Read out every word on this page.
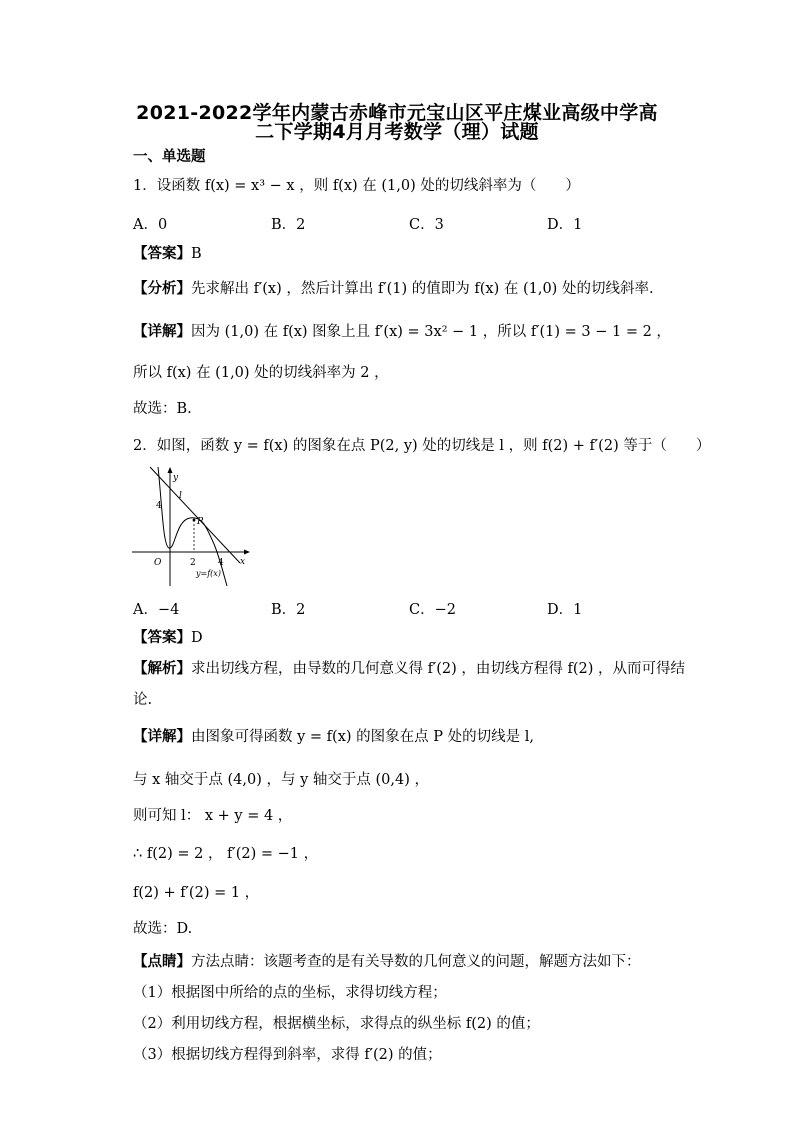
2021-2022学年内蒙古赤峰市元宝山区平庄煤业高级中学高
二下学期4月月考数学（理）试题
一、单选题
1．设函数 f(x) = x³ − x ，则 f(x) 在 (1,0) 处的切线斜率为（　　）
A．0	B．2	C．3	D．1
【答案】B
【分析】先求解出 f′(x) ，然后计算出 f′(1) 的值即为 f(x) 在 (1,0) 处的切线斜率.
【详解】因为 (1,0) 在 f(x) 图象上且 f′(x) = 3x² − 1 ，所以 f′(1) = 3 − 1 = 2 ，
所以 f(x) 在 (1,0) 处的切线斜率为 2 ，
故选：B.
2．如图，函数 y = f(x) 的图象在点 P(2, y) 处的切线是 l ，则 f(2) + f′(2) 等于（　　）
y
x
O	2 4
4
P
l
y=f(x)
A．−4	B．2	C．−2	D．1
【答案】D
【解析】求出切线方程，由导数的几何意义得 f′(2) ，由切线方程得 f(2) ，从而可得结
论.
【详解】由图象可得函数 y = f(x) 的图象在点 P 处的切线是 l,
与 x 轴交于点 (4,0) ，与 y 轴交于点 (0,4) ，
则可知 l： x + y = 4 ，
∴ f(2) = 2 ， f′(2) = −1 ，
f(2) + f′(2) = 1 ，
故选：D.
【点睛】方法点睛：该题考查的是有关导数的几何意义的问题，解题方法如下：
（1）根据图中所给的点的坐标，求得切线方程；
（2）利用切线方程，根据横坐标，求得点的纵坐标 f(2) 的值；
（3）根据切线方程得到斜率，求得 f′(2) 的值；
